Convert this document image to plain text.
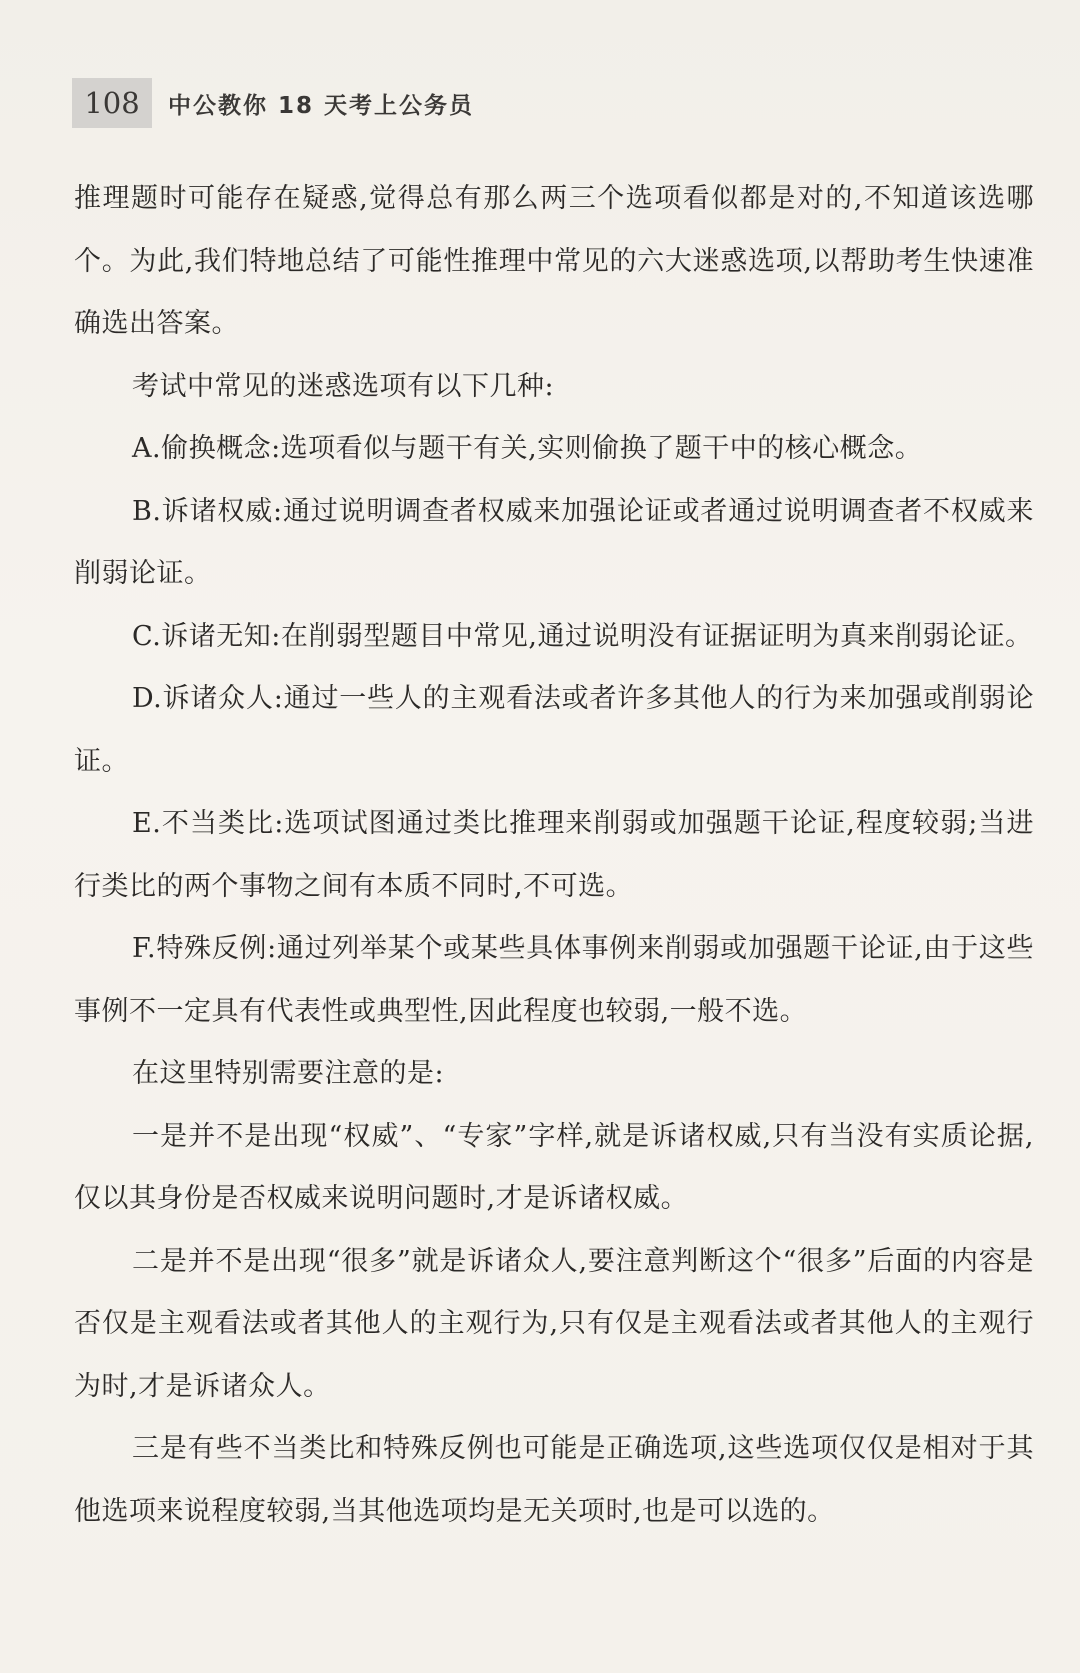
108	中公教你 18 天考上公务员

推理题时可能存在疑惑,觉得总有那么两三个选项看似都是对的,不知道该选哪个。为此,我们特地总结了可能性推理中常见的六大迷惑选项,以帮助考生快速准确选出答案。

考试中常见的迷惑选项有以下几种:

A.偷换概念:选项看似与题干有关,实则偷换了题干中的核心概念。

B.诉诸权威:通过说明调查者权威来加强论证或者通过说明调查者不权威来削弱论证。

C.诉诸无知:在削弱型题目中常见,通过说明没有证据证明为真来削弱论证。

D.诉诸众人:通过一些人的主观看法或者许多其他人的行为来加强或削弱论证。

E.不当类比:选项试图通过类比推理来削弱或加强题干论证,程度较弱;当进行类比的两个事物之间有本质不同时,不可选。

F.特殊反例:通过列举某个或某些具体事例来削弱或加强题干论证,由于这些事例不一定具有代表性或典型性,因此程度也较弱,一般不选。

在这里特别需要注意的是:

一是并不是出现“权威”、“专家”字样,就是诉诸权威,只有当没有实质论据,仅以其身份是否权威来说明问题时,才是诉诸权威。

二是并不是出现“很多”就是诉诸众人,要注意判断这个“很多”后面的内容是否仅是主观看法或者其他人的主观行为,只有仅是主观看法或者其他人的主观行为时,才是诉诸众人。

三是有些不当类比和特殊反例也可能是正确选项,这些选项仅仅是相对于其他选项来说程度较弱,当其他选项均是无关项时,也是可以选的。
